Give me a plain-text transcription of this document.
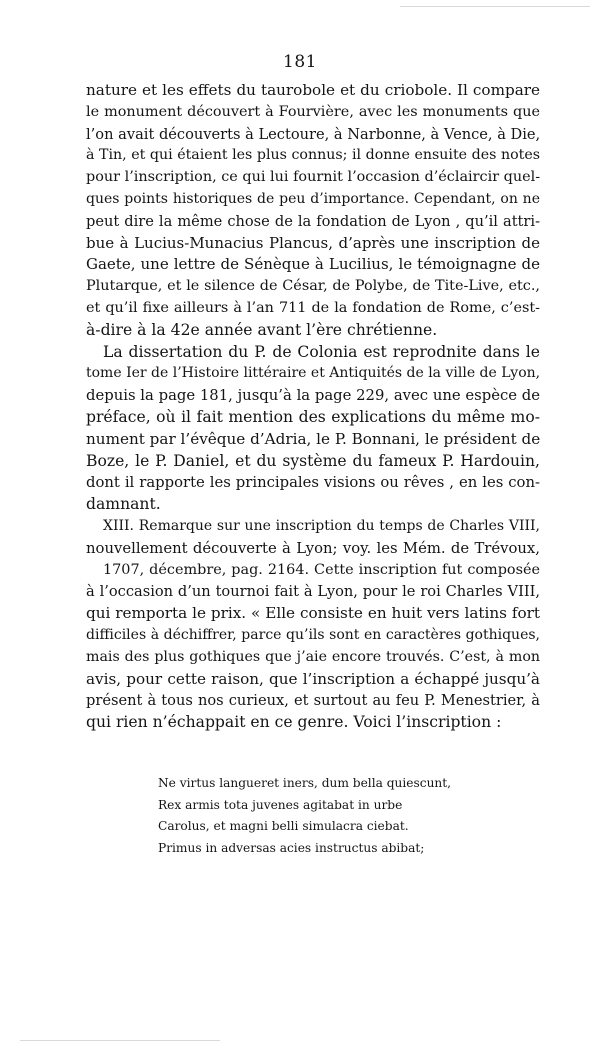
181

nature et les effets du taurobole et du criobole. Il compare
le monument découvert à Fourvière, avec les monuments que
l’on avait découverts à Lectoure, à Narbonne, à Vence, à Die,
à Tin, et qui étaient les plus connus; il donne ensuite des notes
pour l’inscription, ce qui lui fournit l’occasion d’éclaircir quel-
ques points historiques de peu d’importance. Cependant, on ne
peut dire la même chose de la fondation de Lyon , qu’il attri-
bue à Lucius-Munacius Plancus, d’après une inscription de
Gaete, une lettre de Sénèque à Lucilius, le témoignagne de
Plutarque, et le silence de César, de Polybe, de Tite-Live, etc.,
et qu’il fixe ailleurs à l’an 711 de la fondation de Rome, c’est-
à-dire à la 42e année avant l’ère chrétienne.

La dissertation du P. de Colonia est reprodnite dans le
tome Ier de l’Histoire littéraire et Antiquités de la ville de Lyon,
depuis la page 181, jusqu’à la page 229, avec une espèce de
préface, où il fait mention des explications du même mo-
nument par l’évêque d’Adria, le P. Bonnani, le président de
Boze, le P. Daniel, et du système du fameux P. Hardouin,
dont il rapporte les principales visions ou rêves , en les con-
damnant.

XIII. Remarque sur une inscription du temps de Charles VIII,
nouvellement découverte à Lyon; voy. les Mém. de Trévoux,
1707, décembre, pag. 2164. Cette inscription fut composée
à l’occasion d’un tournoi fait à Lyon, pour le roi Charles VIII,
qui remporta le prix. « Elle consiste en huit vers latins fort
difficiles à déchiffrer, parce qu’ils sont en caractères gothiques,
mais des plus gothiques que j’aie encore trouvés. C’est, à mon
avis, pour cette raison, que l’inscription a échappé jusqu’à
présent à tous nos curieux, et surtout au feu P. Menestrier, à
qui rien n’échappait en ce genre. Voici l’inscription :

Ne virtus langueret iners, dum bella quiescunt,
Rex armis tota juvenes agitabat in urbe
Carolus, et magni belli simulacra ciebat.
Primus in adversas acies instructus abibat;
